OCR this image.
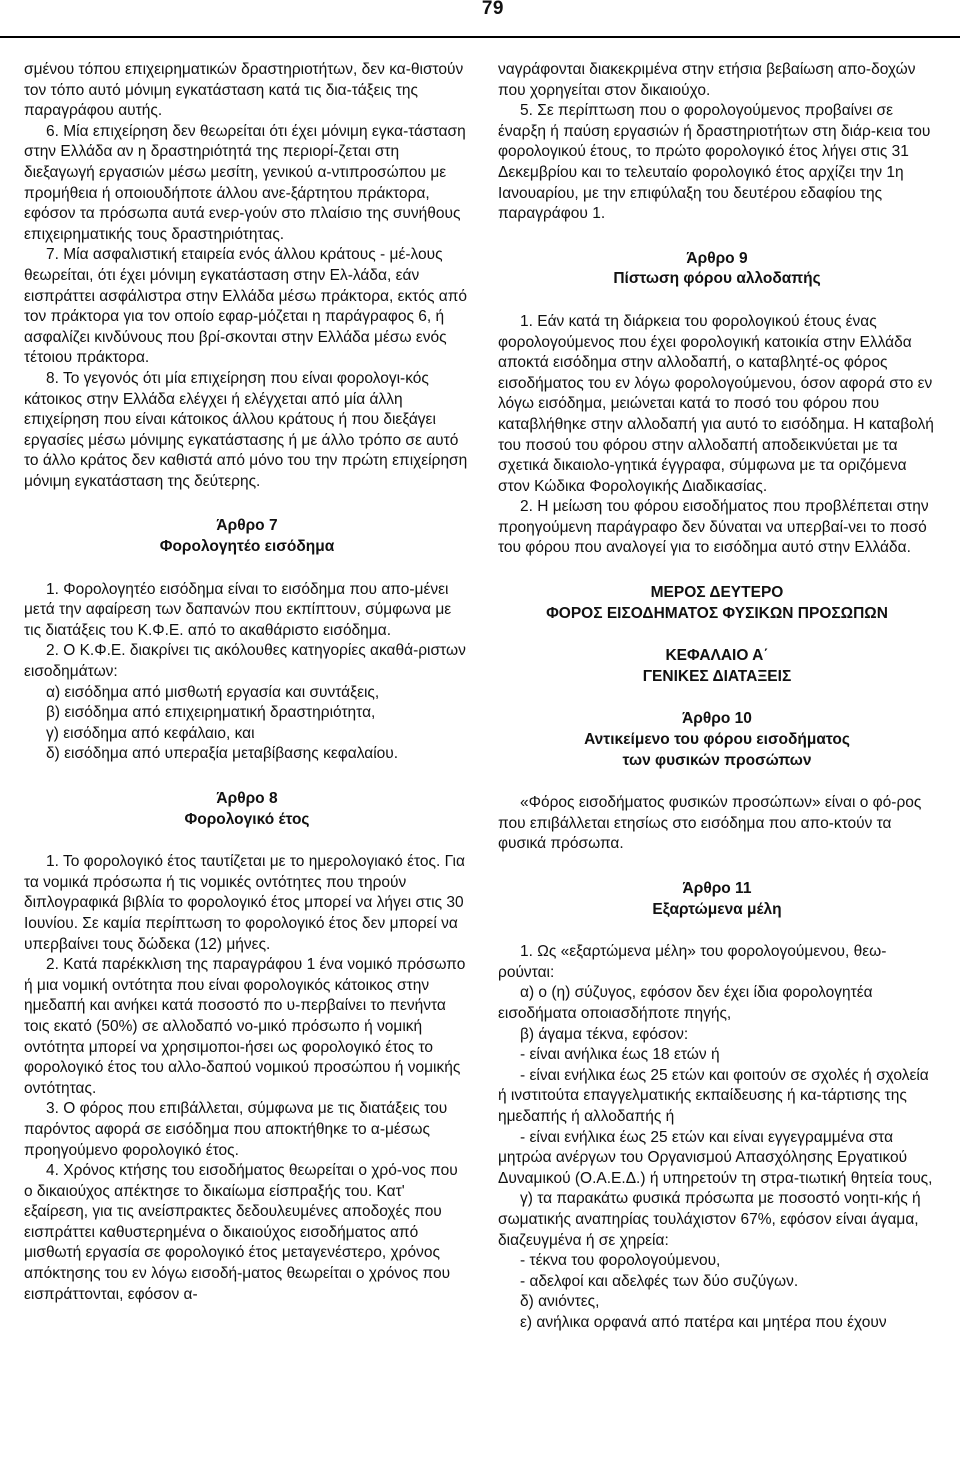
79

σμένου τόπου επιχειρηματικών δραστηριοτήτων, δεν κα-θιστούν τον τόπο αυτό μόνιμη εγκατάσταση κατά τις δια-τάξεις της παραγράφου αυτής.

6. Μία επιχείρηση δεν θεωρείται ότι έχει μόνιμη εγκα-τάσταση στην Ελλάδα αν η δραστηριότητά της περιορί-ζεται στη διεξαγωγή εργασιών μέσω μεσίτη, γενικού α-ντιπροσώπου με προμήθεια ή οποιουδήποτε άλλου ανε-ξάρτητου πράκτορα, εφόσον τα πρόσωπα αυτά ενερ-γούν στο πλαίσιο της συνήθους επιχειρηματικής τους δραστηριότητας.

7. Μία ασφαλιστική εταιρεία ενός άλλου κράτους - μέ-λους θεωρείται, ότι έχει μόνιμη εγκατάσταση στην Ελ-λάδα, εάν εισπράττει ασφάλιστρα στην Ελλάδα μέσω πράκτορα, εκτός από τον πράκτορα για τον οποίο εφαρ-μόζεται η παράγραφος 6, ή ασφαλίζει κινδύνους που βρί-σκονται στην Ελλάδα μέσω ενός τέτοιου πράκτορα.

8. Το γεγονός ότι μία επιχείρηση που είναι φορολογι-κός κάτοικος στην Ελλάδα ελέγχει ή ελέγχεται από μία άλλη επιχείρηση που είναι κάτοικος άλλου κράτους ή που διεξάγει εργασίες μέσω μόνιμης εγκατάστασης ή με άλλο τρόπο σε αυτό το άλλο κράτος δεν καθιστά από μόνο του την πρώτη επιχείρηση μόνιμη εγκατάσταση της δεύτερης.

Άρθρο 7
Φορολογητέο εισόδημα

1. Φορολογητέο εισόδημα είναι το εισόδημα που απο-μένει μετά την αφαίρεση των δαπανών που εκπίπτουν, σύμφωνα με τις διατάξεις του Κ.Φ.Ε. από το ακαθάριστο εισόδημα.

2. Ο Κ.Φ.Ε. διακρίνει τις ακόλουθες κατηγορίες ακαθά-ριστων εισοδημάτων:

α) εισόδημα από μισθωτή εργασία και συντάξεις,

β) εισόδημα από επιχειρηματική δραστηριότητα,

γ) εισόδημα από κεφάλαιο, και

δ) εισόδημα από υπεραξία μεταβίβασης κεφαλαίου.

Άρθρο 8
Φορολογικό έτος

1. Το φορολογικό έτος ταυτίζεται με το ημερολογιακό έτος. Για τα νομικά πρόσωπα ή τις νομικές οντότητες που τηρούν διπλογραφικά βιβλία το φορολογικό έτος μπορεί να λήγει στις 30 Ιουνίου. Σε καμία περίπτωση το φορολογικό έτος δεν μπορεί να υπερβαίνει τους δώδεκα (12) μήνες.

2. Κατά παρέκκλιση της παραγράφου 1 ένα νομικό πρόσωπο ή μια νομική οντότητα που είναι φορολογικός κάτοικος στην ημεδαπή και ανήκει κατά ποσοστό πο υ-περβαίνει το πενήντα τοις εκατό (50%) σε αλλοδαπό νο-μικό πρόσωπο ή νομική οντότητα μπορεί να χρησιμοποι-ήσει ως φορολογικό έτος το φορολογικό έτος του αλλο-δαπού νομικού προσώπου ή νομικής οντότητας.

3. Ο φόρος που επιβάλλεται, σύμφωνα με τις διατάξεις του παρόντος αφορά σε εισόδημα που αποκτήθηκε το α-μέσως προηγούμενο φορολογικό έτος.

4. Χρόνος κτήσης του εισοδήματος θεωρείται ο χρό-νος που ο δικαιούχος απέκτησε το δικαίωμα είσπραξής του. Κατ' εξαίρεση, για τις ανείσπρακτες δεδουλευμένες αποδοχές που εισπράττει καθυστερημένα ο δικαιούχος εισοδήματος από μισθωτή εργασία σε φορολογικό έτος μεταγενέστερο, χρόνος απόκτησης του εν λόγω εισοδή-ματος θεωρείται ο χρόνος που εισπράττονται, εφόσον α-

ναγράφονται διακεκριμένα στην ετήσια βεβαίωση απο-δοχών που χορηγείται στον δικαιούχο.

5. Σε περίπτωση που ο φορολογούμενος προβαίνει σε έναρξη ή παύση εργασιών ή δραστηριοτήτων στη διάρ-κεια του φορολογικού έτους, το πρώτο φορολογικό έτος λήγει στις 31 Δεκεμβρίου και το τελευταίο φορολογικό έτος αρχίζει την 1η Ιανουαρίου, με την επιφύλαξη του δευτέρου εδαφίου της παραγράφου 1.

Άρθρο 9
Πίστωση φόρου αλλοδαπής

1. Εάν κατά τη διάρκεια του φορολογικού έτους ένας φορολογούμενος που έχει φορολογική κατοικία στην Ελλάδα αποκτά εισόδημα στην αλλοδαπή, ο καταβλητέ-ος φόρος εισοδήματος του εν λόγω φορολογούμενου, όσον αφορά στο εν λόγω εισόδημα, μειώνεται κατά το ποσό του φόρου που καταβλήθηκε στην αλλοδαπή για αυτό το εισόδημα. Η καταβολή του ποσού του φόρου στην αλλοδαπή αποδεικνύεται με τα σχετικά δικαιολο-γητικά έγγραφα, σύμφωνα με τα οριζόμενα στον Κώδικα Φορολογικής Διαδικασίας.

2. Η μείωση του φόρου εισοδήματος που προβλέπεται στην προηγούμενη παράγραφο δεν δύναται να υπερβαί-νει το ποσό του φόρου που αναλογεί για το εισόδημα αυτό στην Ελλάδα.

ΜΕΡΟΣ ΔΕΥΤΕΡΟ
ΦΟΡΟΣ ΕΙΣΟΔΗΜΑΤΟΣ ΦΥΣΙΚΩΝ ΠΡΟΣΩΠΩΝ
ΚΕΦΑΛΑΙΟ Α΄
ΓΕΝΙΚΕΣ ΔΙΑΤΑΞΕΙΣ
Άρθρο 10
Αντικείμενο του φόρου εισοδήματος
των φυσικών προσώπων

«Φόρος εισοδήματος φυσικών προσώπων» είναι ο φό-ρος που επιβάλλεται ετησίως στο εισόδημα που απο-κτούν τα φυσικά πρόσωπα.

Άρθρο 11
Εξαρτώμενα μέλη

1. Ως «εξαρτώμενα μέλη» του φορολογούμενου, θεω-ρούνται:

α) ο (η) σύζυγος, εφόσον δεν έχει ίδια φορολογητέα εισοδήματα οποιασδήποτε πηγής,

β) άγαμα τέκνα, εφόσον:

- είναι ανήλικα έως 18 ετών ή

- είναι ενήλικα έως 25 ετών και φοιτούν σε σχολές ή σχολεία ή ινστιτούτα επαγγελματικής εκπαίδευσης ή κα-τάρτισης της ημεδαπής ή αλλοδαπής ή

- είναι ενήλικα έως 25 ετών και είναι εγγεγραμμένα στα μητρώα ανέργων του Οργανισμού Απασχόλησης Εργατικού Δυναμικού (Ο.Α.Ε.Δ.) ή υπηρετούν τη στρα-τιωτική θητεία τους,

γ) τα παρακάτω φυσικά πρόσωπα με ποσοστό νοητι-κής ή σωματικής αναπηρίας τουλάχιστον 67%, εφόσον είναι άγαμα, διαζευγμένα ή σε χηρεία:

- τέκνα του φορολογούμενου,

- αδελφοί και αδελφές των δύο συζύγων.

δ) ανιόντες,

ε) ανήλικα ορφανά από πατέρα και μητέρα που έχουν
